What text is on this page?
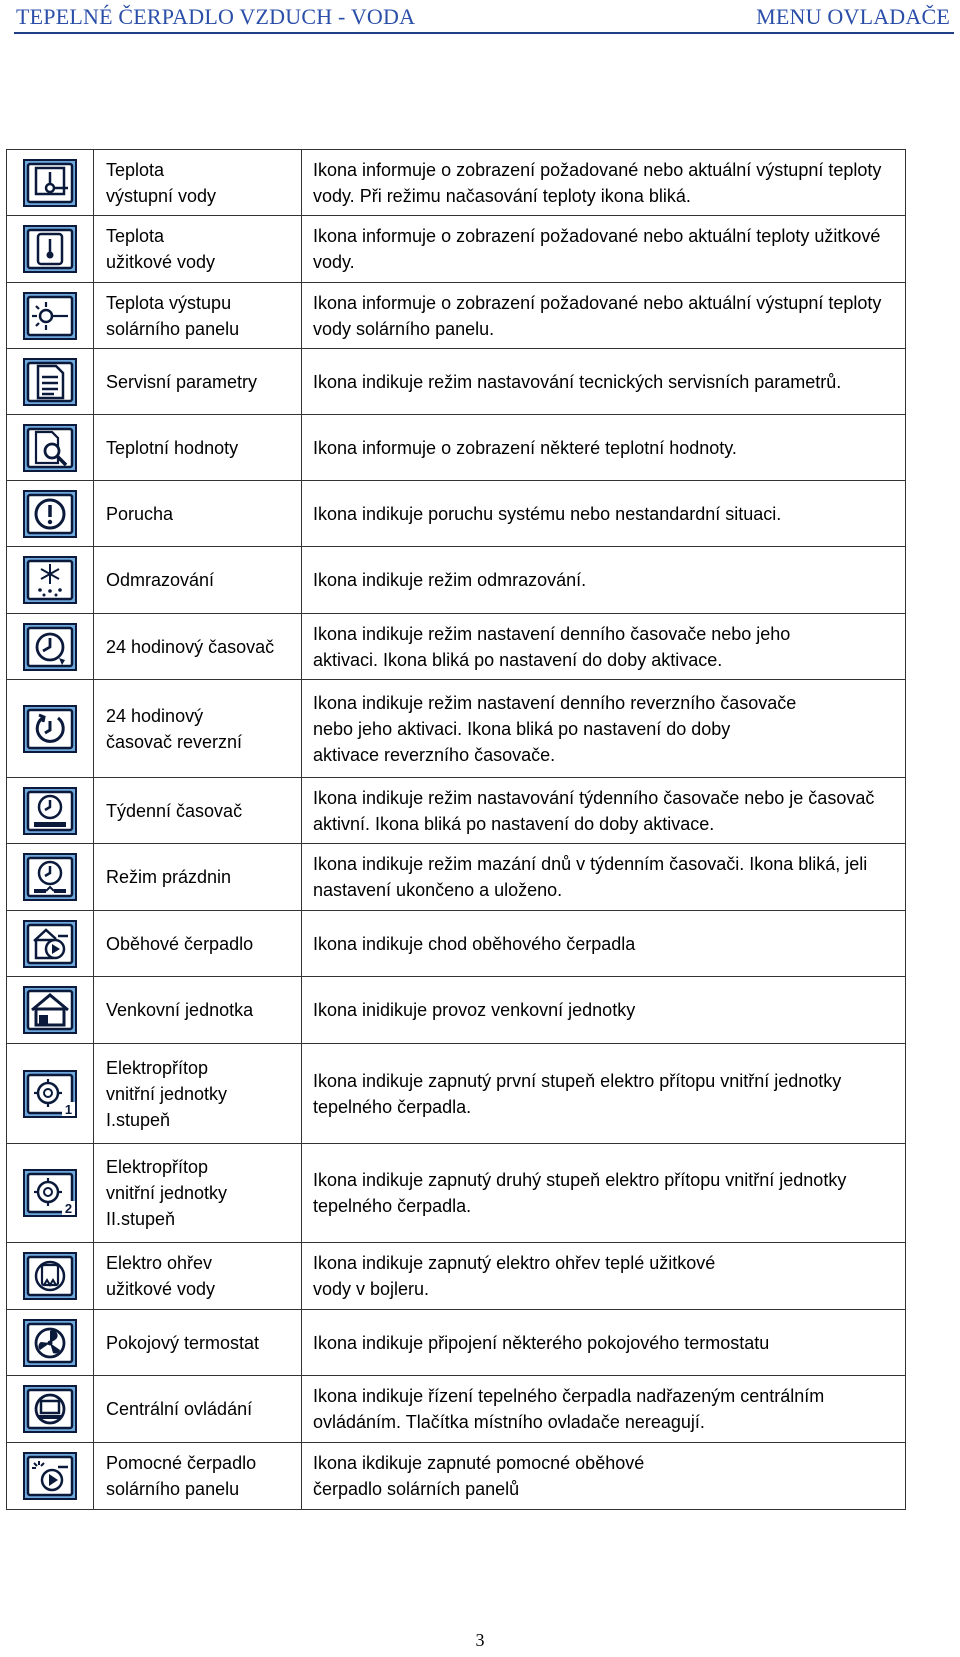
TEPELNÉ ČERPADLO VZDUCH - VODA	MENU OVLADAČE
	Teplota
výstupní vody	Ikona informuje o zobrazení požadované nebo aktuální výstupní teploty vody. Při režimu načasování teploty ikona bliká.

	Teplota
užitkové vody	Ikona informuje o zobrazení požadované nebo aktuální teploty užitkové vody.

	Teplota výstupu
solárního panelu	Ikona informuje o zobrazení požadované nebo aktuální výstupní teploty vody solárního panelu.

	Servisní parametry	Ikona indikuje režim nastavování tecnických servisních parametrů.

	Teplotní hodnoty	Ikona informuje o zobrazení některé teplotní hodnoty.

	Porucha	Ikona indikuje poruchu systému nebo nestandardní situaci.

	Odmrazování	Ikona indikuje režim odmrazování.

	24 hodinový časovač	Ikona indikuje režim nastavení denního časovače nebo jeho
aktivaci. Ikona bliká po nastavení do doby aktivace.

	24 hodinový
časovač reverzní	Ikona indikuje režim nastavení denního reverzního časovače
nebo jeho aktivaci. Ikona bliká po nastavení do doby
aktivace reverzního časovače.

	Týdenní časovač	Ikona indikuje režim nastavování týdenního časovače nebo je časovač aktivní. Ikona bliká po nastavení do doby aktivace.

	Režim prázdnin	Ikona indikuje režim mazání dnů v týdenním časovači. Ikona bliká, jeli nastavení ukončeno a uloženo.

	Oběhové čerpadlo	Ikona indikuje chod oběhového čerpadla

	Venkovní jednotka	Ikona inidikuje provoz venkovní jednotky

1	Elektropřítop
vnitřní jednotky
I.stupeň	Ikona indikuje zapnutý první stupeň elektro přítopu vnitřní jednotky tepelného čerpadla.

2	Elektropřítop
vnitřní jednotky
II.stupeň	Ikona indikuje zapnutý druhý stupeň elektro přítopu vnitřní jednotky tepelného čerpadla.

	Elektro ohřev
užitkové vody	Ikona indikuje zapnutý elektro ohřev teplé užitkové
vody v bojleru.

	Pokojový termostat	Ikona indikuje připojení některého pokojového termostatu

	Centrální ovládání	Ikona indikuje řízení tepelného čerpadla nadřazeným centrálním ovládáním. Tlačítka místního ovladače nereagují.

	Pomocné čerpadlo
solárního panelu	Ikona ikdikuje zapnuté pomocné oběhové
čerpadlo solárních panelů
3
